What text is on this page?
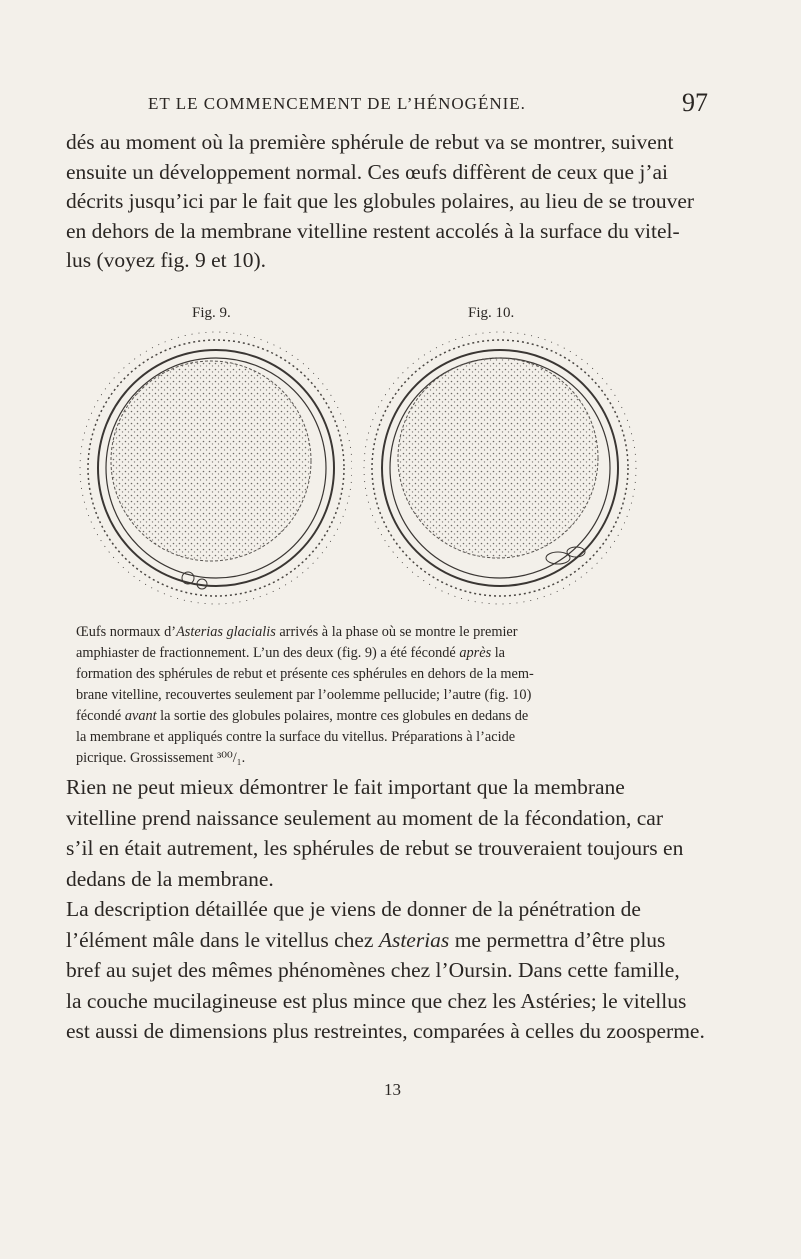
ET LE COMMENCEMENT DE L’HÉNOGÉNIE.	97
dés au moment où la première sphérule de rebut va se montrer, suivent
ensuite un développement normal. Ces œufs diffèrent de ceux que j’ai
décrits jusqu’ici par le fait que les globules polaires, au lieu de se trouver
en dehors de la membrane vitelline restent accolés à la surface du vitel-
lus (voyez fig. 9 et 10).
Fig. 9.	Fig. 10.
Œufs normaux d’Asterias glacialis arrivés à la phase où se montre le premier
amphiaster de fractionnement. L’un des deux (fig. 9) a été fécondé après la
formation des sphérules de rebut et présente ces sphérules en dehors de la mem-
brane vitelline, recouvertes seulement par l’oolemme pellucide; l’autre (fig. 10)
fécondé avant la sortie des globules polaires, montre ces globules en dedans de
la membrane et appliqués contre la surface du vitellus. Préparations à l’acide
picrique. Grossissement ³⁰⁰/₁.
Rien ne peut mieux démontrer le fait important que la membrane
vitelline prend naissance seulement au moment de la fécondation, car
s’il en était autrement, les sphérules de rebut se trouveraient toujours en
dedans de la membrane.
La description détaillée que je viens de donner de la pénétration de
l’élément mâle dans le vitellus chez Asterias me permettra d’être plus
bref au sujet des mêmes phénomènes chez l’Oursin. Dans cette famille,
la couche mucilagineuse est plus mince que chez les Astéries; le vitellus
est aussi de dimensions plus restreintes, comparées à celles du zoosperme.
13
